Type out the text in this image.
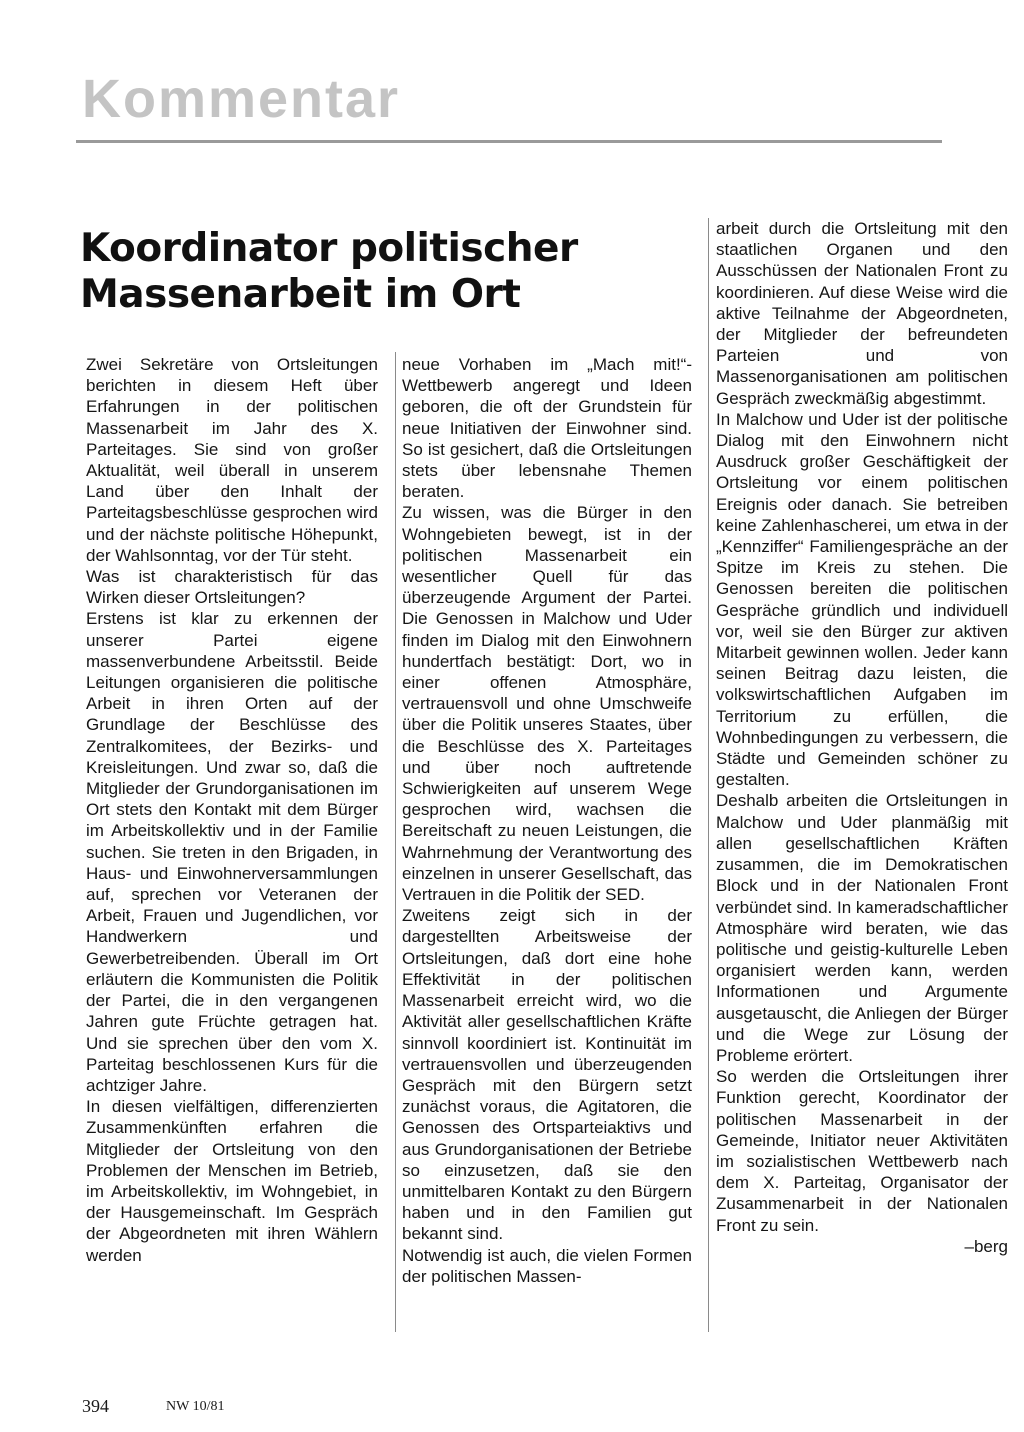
Kommentar
Koordinator politischer
Massenarbeit im Ort

Zwei Sekretäre von Ortsleitungen berichten in diesem Heft über Erfahrungen in der politischen Massenarbeit im Jahr des X. Parteitages. Sie sind von großer Aktualität, weil überall in unserem Land über den Inhalt der Parteitagsbeschlüsse gesprochen wird und der nächste politische Höhepunkt, der Wahlsonntag, vor der Tür steht.

Was ist charakteristisch für das Wirken dieser Ortsleitungen?

Erstens ist klar zu erkennen der unserer Partei eigene massenverbundene Arbeitsstil. Beide Leitungen organisieren die politische Arbeit in ihren Orten auf der Grundlage der Beschlüsse des Zentralkomitees, der Bezirks- und Kreisleitungen. Und zwar so, daß die Mitglieder der Grundorganisationen im Ort stets den Kontakt mit dem Bürger im Arbeitskollektiv und in der Familie suchen. Sie treten in den Brigaden, in Haus- und Einwohnerversammlungen auf, sprechen vor Veteranen der Arbeit, Frauen und Jugendlichen, vor Handwerkern und Gewerbetreibenden. Überall im Ort erläutern die Kommunisten die Politik der Partei, die in den vergangenen Jahren gute Früchte getragen hat. Und sie sprechen über den vom X. Parteitag beschlossenen Kurs für die achtziger Jahre.

In diesen vielfältigen, differenzierten Zusammenkünften erfahren die Mitglieder der Ortsleitung von den Problemen der Menschen im Betrieb, im Arbeitskollektiv, im Wohngebiet, in der Hausgemeinschaft. Im Gespräch der Abgeordneten mit ihren Wählern werden

neue Vorhaben im „Mach mit!“-Wettbewerb angeregt und Ideen geboren, die oft der Grundstein für neue Initiativen der Einwohner sind. So ist gesichert, daß die Ortsleitungen stets über lebensnahe Themen beraten.

Zu wissen, was die Bürger in den Wohngebieten bewegt, ist in der politischen Massenarbeit ein wesentlicher Quell für das überzeugende Argument der Partei. Die Genossen in Malchow und Uder finden im Dialog mit den Einwohnern hundertfach bestätigt: Dort, wo in einer offenen Atmosphäre, vertrauensvoll und ohne Umschweife über die Politik unseres Staates, über die Beschlüsse des X. Parteitages und über noch auftretende Schwierigkeiten auf unserem Wege gesprochen wird, wachsen die Bereitschaft zu neuen Leistungen, die Wahrnehmung der Verantwortung des einzelnen in unserer Gesellschaft, das Vertrauen in die Politik der SED.

Zweitens zeigt sich in der dargestellten Arbeitsweise der Ortsleitungen, daß dort eine hohe Effektivität in der politischen Massenarbeit erreicht wird, wo die Aktivität aller gesellschaftlichen Kräfte sinnvoll koordiniert ist. Kontinuität im vertrauensvollen und überzeugenden Gespräch mit den Bürgern setzt zunächst voraus, die Agitatoren, die Genossen des Ortsparteiaktivs und aus Grundorganisationen der Betriebe so einzusetzen, daß sie den unmittelbaren Kontakt zu den Bürgern haben und in den Familien gut bekannt sind.

Notwendig ist auch, die vielen Formen der politischen Massen-

arbeit durch die Ortsleitung mit den staatlichen Organen und den Ausschüssen der Nationalen Front zu koordinieren. Auf diese Weise wird die aktive Teilnahme der Abgeordneten, der Mitglieder der befreundeten Parteien und von Massenorganisationen am politischen Gespräch zweckmäßig abgestimmt.

In Malchow und Uder ist der politische Dialog mit den Einwohnern nicht Ausdruck großer Geschäftigkeit der Ortsleitung vor einem politischen Ereignis oder danach. Sie betreiben keine Zahlenhascherei, um etwa in der „Kennziffer“ Familiengespräche an der Spitze im Kreis zu stehen. Die Genossen bereiten die politischen Gespräche gründlich und individuell vor, weil sie den Bürger zur aktiven Mitarbeit gewinnen wollen. Jeder kann seinen Beitrag dazu leisten, die volkswirtschaftlichen Aufgaben im Territorium zu erfüllen, die Wohnbedingungen zu verbessern, die Städte und Gemeinden schöner zu gestalten.

Deshalb arbeiten die Ortsleitungen in Malchow und Uder planmäßig mit allen gesellschaftlichen Kräften zusammen, die im Demokratischen Block und in der Nationalen Front verbündet sind. In kameradschaftlicher Atmosphäre wird beraten, wie das politische und geistig-kulturelle Leben organisiert werden kann, werden Informationen und Argumente ausgetauscht, die Anliegen der Bürger und die Wege zur Lösung der Probleme erörtert.

So werden die Ortsleitungen ihrer Funktion gerecht, Koordinator der politischen Massenarbeit in der Gemeinde, Initiator neuer Aktivitäten im sozialistischen Wettbewerb nach dem X. Parteitag, Organisator der Zusammenarbeit in der Nationalen Front zu sein.

–berg

394	NW 10/81
